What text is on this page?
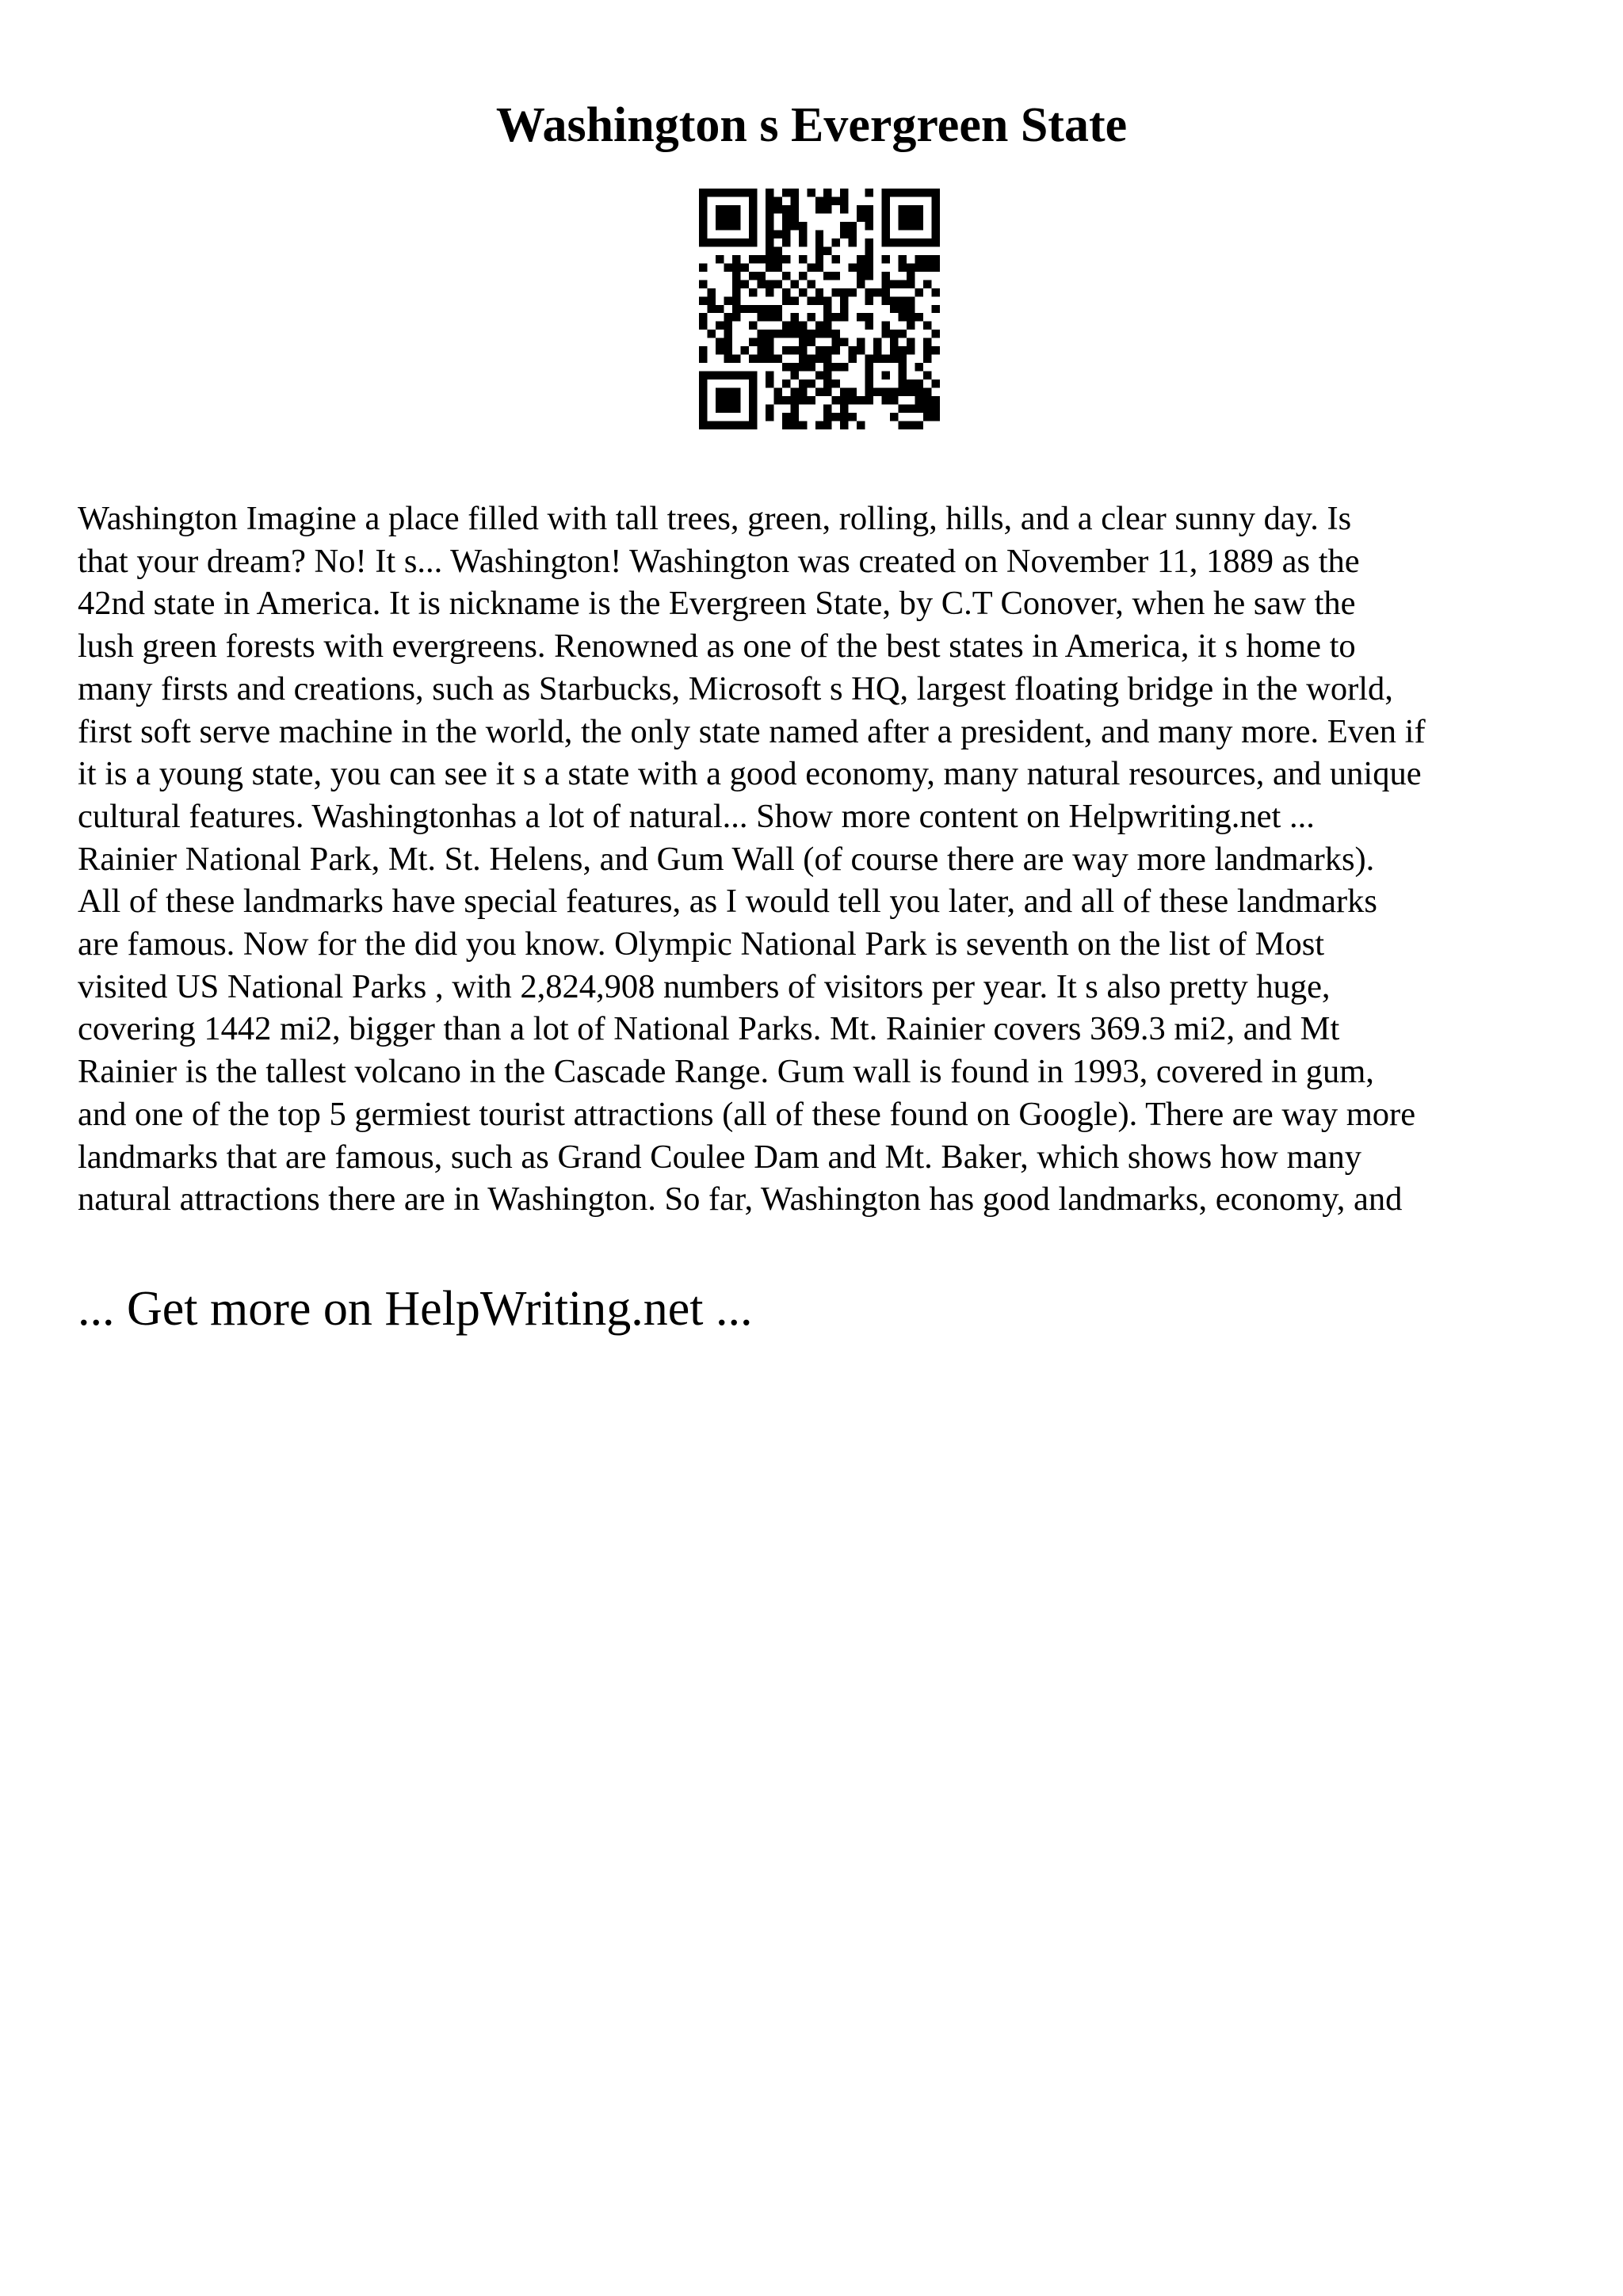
Washington s Evergreen State
Washington Imagine a place filled with tall trees, green, rolling, hills, and a clear sunny day. Is
that your dream? No! It s... Washington! Washington was created on November 11, 1889 as the
42nd state in America. It is nickname is the Evergreen State, by C.T Conover, when he saw the
lush green forests with evergreens. Renowned as one of the best states in America, it s home to
many firsts and creations, such as Starbucks, Microsoft s HQ, largest floating bridge in the world,
first soft serve machine in the world, the only state named after a president, and many more. Even if
it is a young state, you can see it s a state with a good economy, many natural resources, and unique
cultural features. Washingtonhas a lot of natural... Show more content on Helpwriting.net ...
Rainier National Park, Mt. St. Helens, and Gum Wall (of course there are way more landmarks).
All of these landmarks have special features, as I would tell you later, and all of these landmarks
are famous. Now for the did you know. Olympic National Park is seventh on the list of Most
visited US National Parks , with 2,824,908 numbers of visitors per year. It s also pretty huge,
covering 1442 mi2, bigger than a lot of National Parks. Mt. Rainier covers 369.3 mi2, and Mt
Rainier is the tallest volcano in the Cascade Range. Gum wall is found in 1993, covered in gum,
and one of the top 5 germiest tourist attractions (all of these found on Google). There are way more
landmarks that are famous, such as Grand Coulee Dam and Mt. Baker, which shows how many
natural attractions there are in Washington. So far, Washington has good landmarks, economy, and

... Get more on HelpWriting.net ...
